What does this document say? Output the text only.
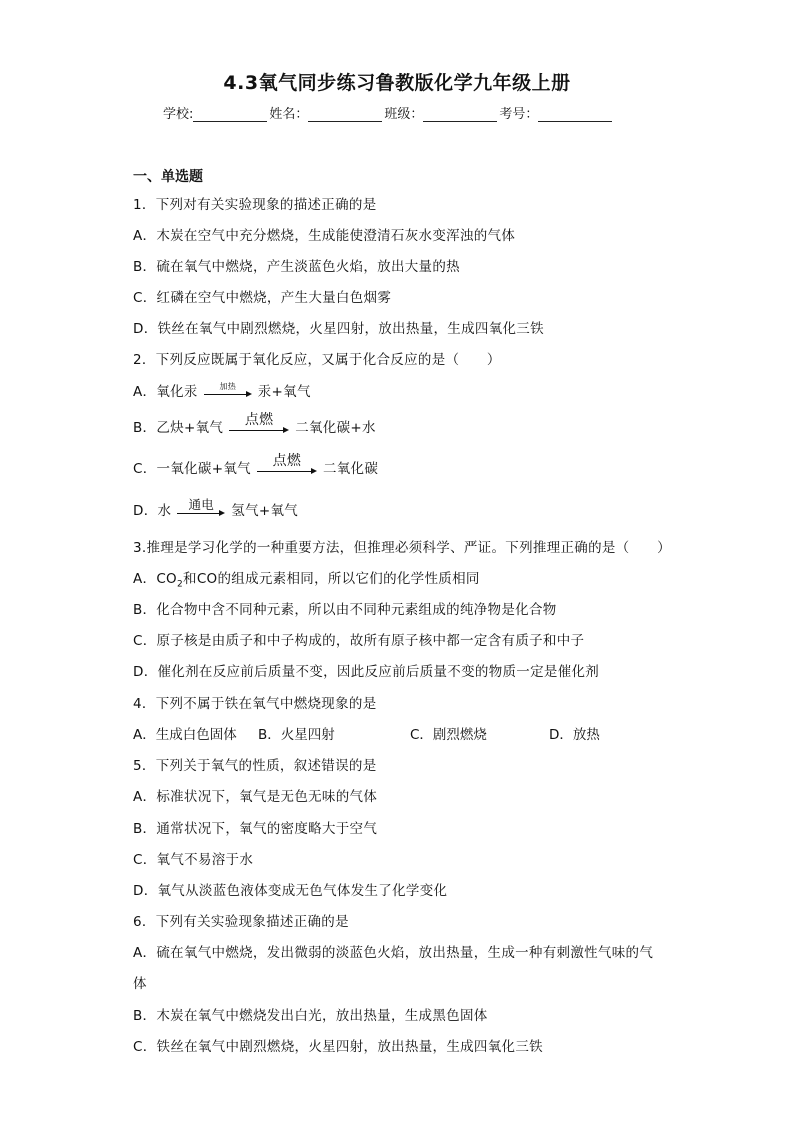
4.3氧气同步练习鲁教版化学九年级上册
学校:	姓名：	班级：	考号：
一、单选题
1．下列对有关实验现象的描述正确的是
A．木炭在空气中充分燃烧，生成能使澄清石灰水变浑浊的气体
B．硫在氧气中燃烧，产生淡蓝色火焰，放出大量的热
C．红磷在空气中燃烧，产生大量白色烟雾
D．铁丝在氧气中剧烈燃烧，火星四射，放出热量，生成四氧化三铁
2．下列反应既属于氧化反应，又属于化合反应的是（　　）
A．氧化汞	加热	汞+氧气
B．乙炔+氧气	点燃	二氧化碳+水
C．一氧化碳+氧气	点燃	二氧化碳
D．水	通电	氢气+氧气
3.推理是学习化学的一种重要方法，但推理必须科学、严证。下列推理正确的是（　　）
A．$CO_2$和CO的组成元素相同，所以它们的化学性质相同
B．化合物中含不同种元素，所以由不同种元素组成的纯净物是化合物
C．原子核是由质子和中子构成的，故所有原子核中都一定含有质子和中子
D．催化剂在反应前后质量不变，因此反应前后质量不变的物质一定是催化剂
4．下列不属于铁在氧气中燃烧现象的是
A．生成白色固体 B．火星四射	C．剧烈燃烧	D．放热
5．下列关于氧气的性质，叙述错误的是
A．标准状况下，氧气是无色无味的气体
B．通常状况下，氧气的密度略大于空气
C．氧气不易溶于水
D．氧气从淡蓝色液体变成无色气体发生了化学变化
6．下列有关实验现象描述正确的是
A．硫在氧气中燃烧，发出微弱的淡蓝色火焰，放出热量，生成一种有刺激性气味的气
体
B．木炭在氧气中燃烧发出白光，放出热量，生成黑色固体
C．铁丝在氧气中剧烈燃烧，火星四射，放出热量，生成四氧化三铁
